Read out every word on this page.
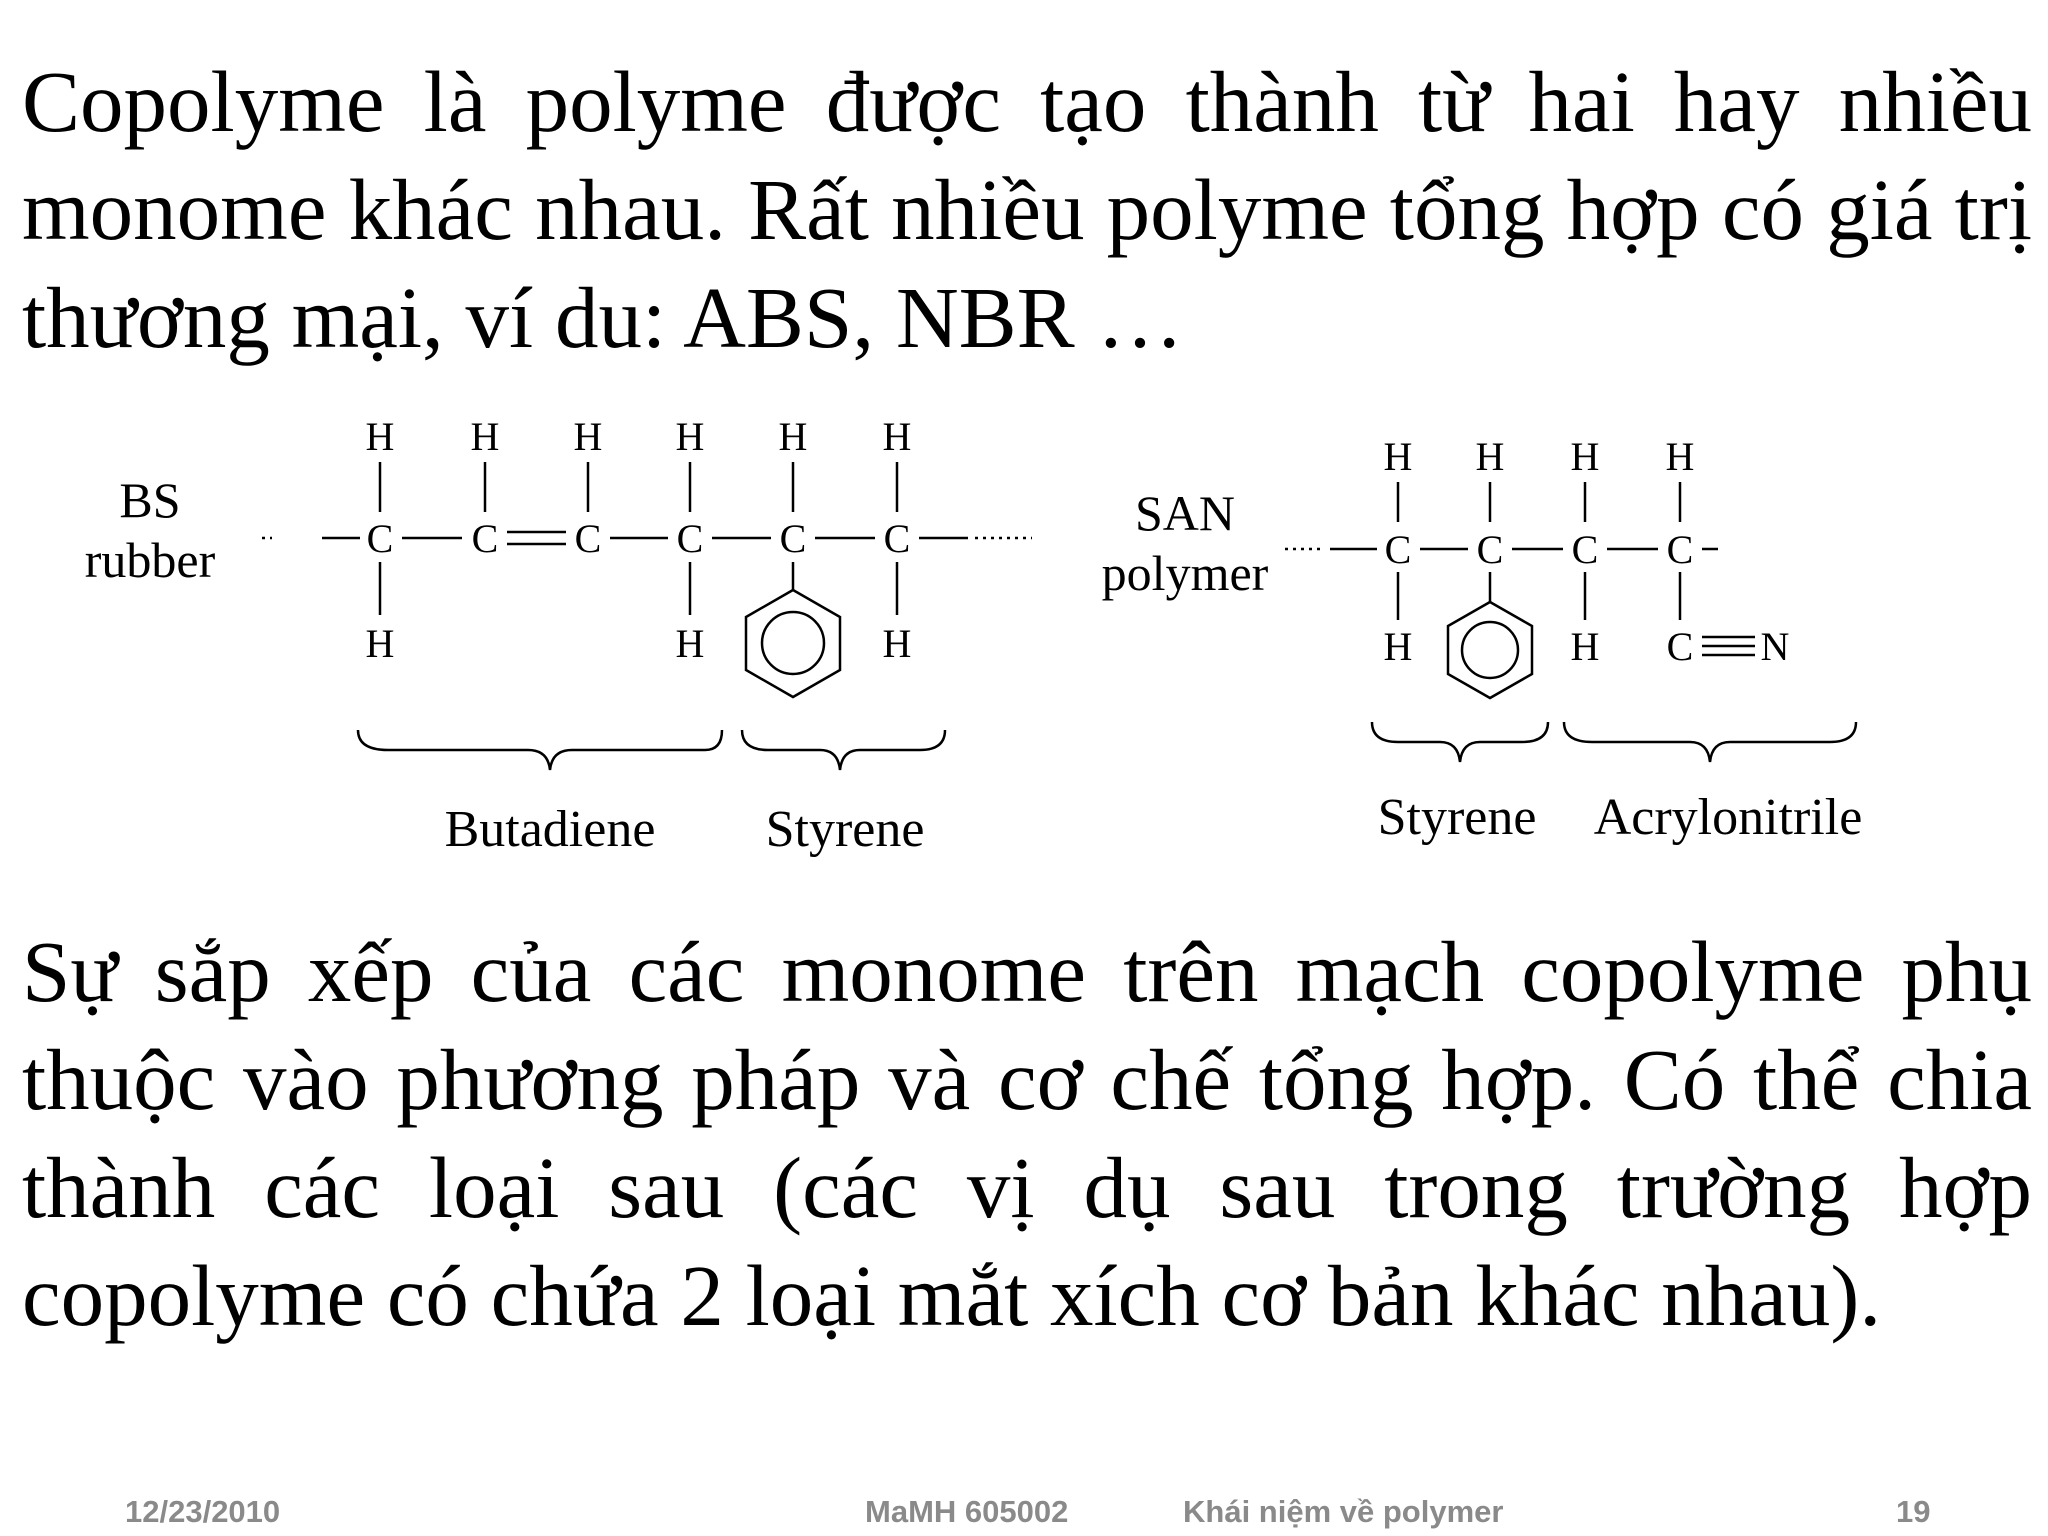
Copolyme là polyme được tạo thành từ hai hay nhiều monome khác nhau. Rất nhiều polyme tổng hợp có giá trị thương mại, ví du: ABS, NBR …

BS
rubber
H H H H H H
C C C C C C
H	H	H
Butadiene Styrene
SAN
polymer
H H H H
C C C C
H	H C N
Styrene Acrylonitrile

Sự sắp xếp của các monome trên mạch copolyme phụ thuộc vào phương pháp và cơ chế tổng hợp. Có thể chia thành các loại sau (các vị dụ sau trong trường hợp copolyme có chứa 2 loại mắt xích cơ bản khác nhau).

12/23/2010	MaMH 605002	Khái niệm về polymer	19
